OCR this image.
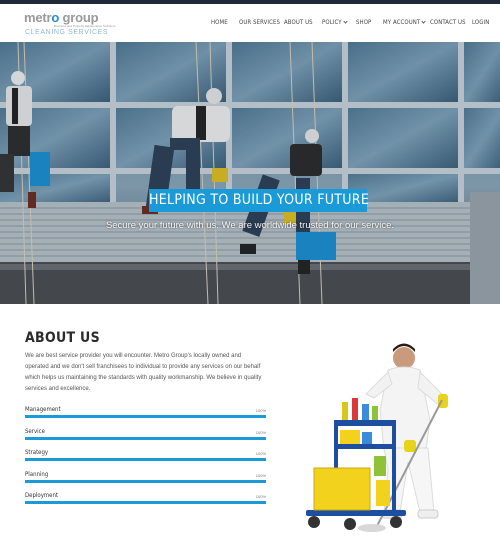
metro group
Business and Property Maintenance Solutions
CLEANING SERVICES
HOME OUR SERVICES ABOUT US POLICY	SHOP MY ACCOUNT	CONTACT US LOGIN
HELPING TO BUILD YOUR FUTURE
Secure your future with us. We are worldwide trusted for our service.
ABOUT US

We are best service provider you will encounter. Metro Group's locally owned and operated and we don't sell franchisees to individual to provide any services on our behalf which helps us maintaining the standards with quality workmanship. We believe in quality services and excellence.

Management	100%
Service	100%
Strategy	100%
Planning	100%
Deployment	100%
